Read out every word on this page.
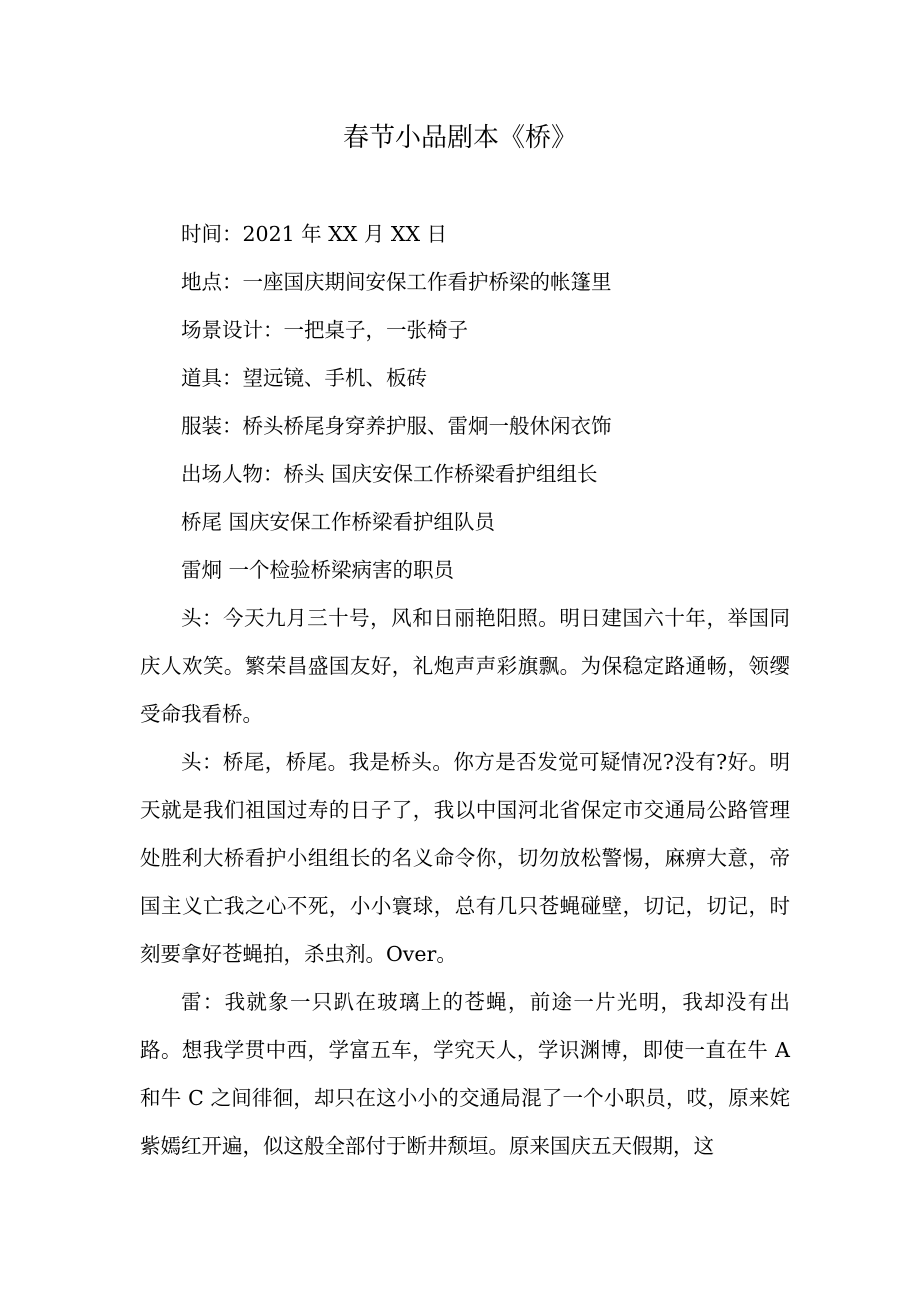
春节小品剧本《桥》

时间：2021 年 XX 月 XX 日

地点：一座国庆期间安保工作看护桥梁的帐篷里

场景设计：一把桌子，一张椅子

道具：望远镜、手机、板砖

服装：桥头桥尾身穿养护服、雷炯一般休闲衣饰

出场人物：桥头 国庆安保工作桥梁看护组组长

桥尾 国庆安保工作桥梁看护组队员

雷炯 一个检验桥梁病害的职员

头：今天九月三十号，风和日丽艳阳照。明日建国六十年，举国同庆人欢笑。繁荣昌盛国友好，礼炮声声彩旗飘。为保稳定路通畅，领缨受命我看桥。

头：桥尾，桥尾。我是桥头。你方是否发觉可疑情况?没有?好。明天就是我们祖国过寿的日子了，我以中国河北省保定市交通局公路管理处胜利大桥看护小组组长的名义命令你，切勿放松警惕，麻痹大意，帝国主义亡我之心不死，小小寰球，总有几只苍蝇碰壁，切记，切记，时刻要拿好苍蝇拍，杀虫剂。Over。

雷：我就象一只趴在玻璃上的苍蝇，前途一片光明，我却没有出路。想我学贯中西，学富五车，学究天人，学识渊博，即使一直在牛 A 和牛 C 之间徘徊，却只在这小小的交通局混了一个小职员，哎，原来姹紫嫣红开遍，似这般全部付于断井颓垣。原来国庆五天假期，这
